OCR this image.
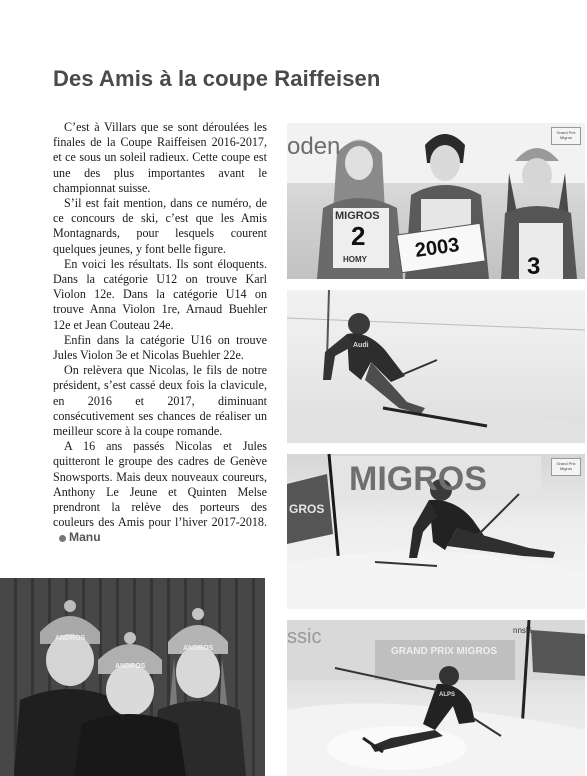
Des Amis à la coupe Raiffeisen

C’est à Villars que se sont déroulées les finales de la Coupe Raiffeisen 2016-2017, et ce sous un soleil radieux. Cette coupe est une des plus importantes avant le championnat suisse.

S’il est fait mention, dans ce numéro, de ce concours de ski, c’est que les Amis Montagnards, pour lesquels courent quelques jeunes, y font belle figure.

En voici les résultats. Ils sont éloquents. Dans la catégorie U12 on trouve Karl Violon 12e. Dans la catégorie U14 on trouve Anna Violon 1re, Arnaud Buehler 12e et Jean Couteau 24e.

Enfin dans la catégorie U16 on trouve Jules Violon 3e et Nicolas Buehler 22e.

On relèvera que Nicolas, le fils de notre président, s’est cassé deux fois la clavicule, en 2016 et 2017, diminuant consécutivement ses chances de réaliser un meilleur score à la coupe romande.

A 16 ans passés Nicolas et Jules quitteront le groupe des cadres de Genève Snowsports. Mais deux nouveaux coureurs, Anthony Le Jeune et Quinten Melse prendront la relève des porteurs des couleurs des Amis pour l’hiver 2017-2018.Manu

oden
MIGROS
2
HOMY 2003
3
Grand Prix Migros
Audi
MIGROS
GROS
Grand Prix Migros
ssic
GRAND PRIX MIGROS
nnski
ALPS
ANDROS
ANDROS
ANDROS
